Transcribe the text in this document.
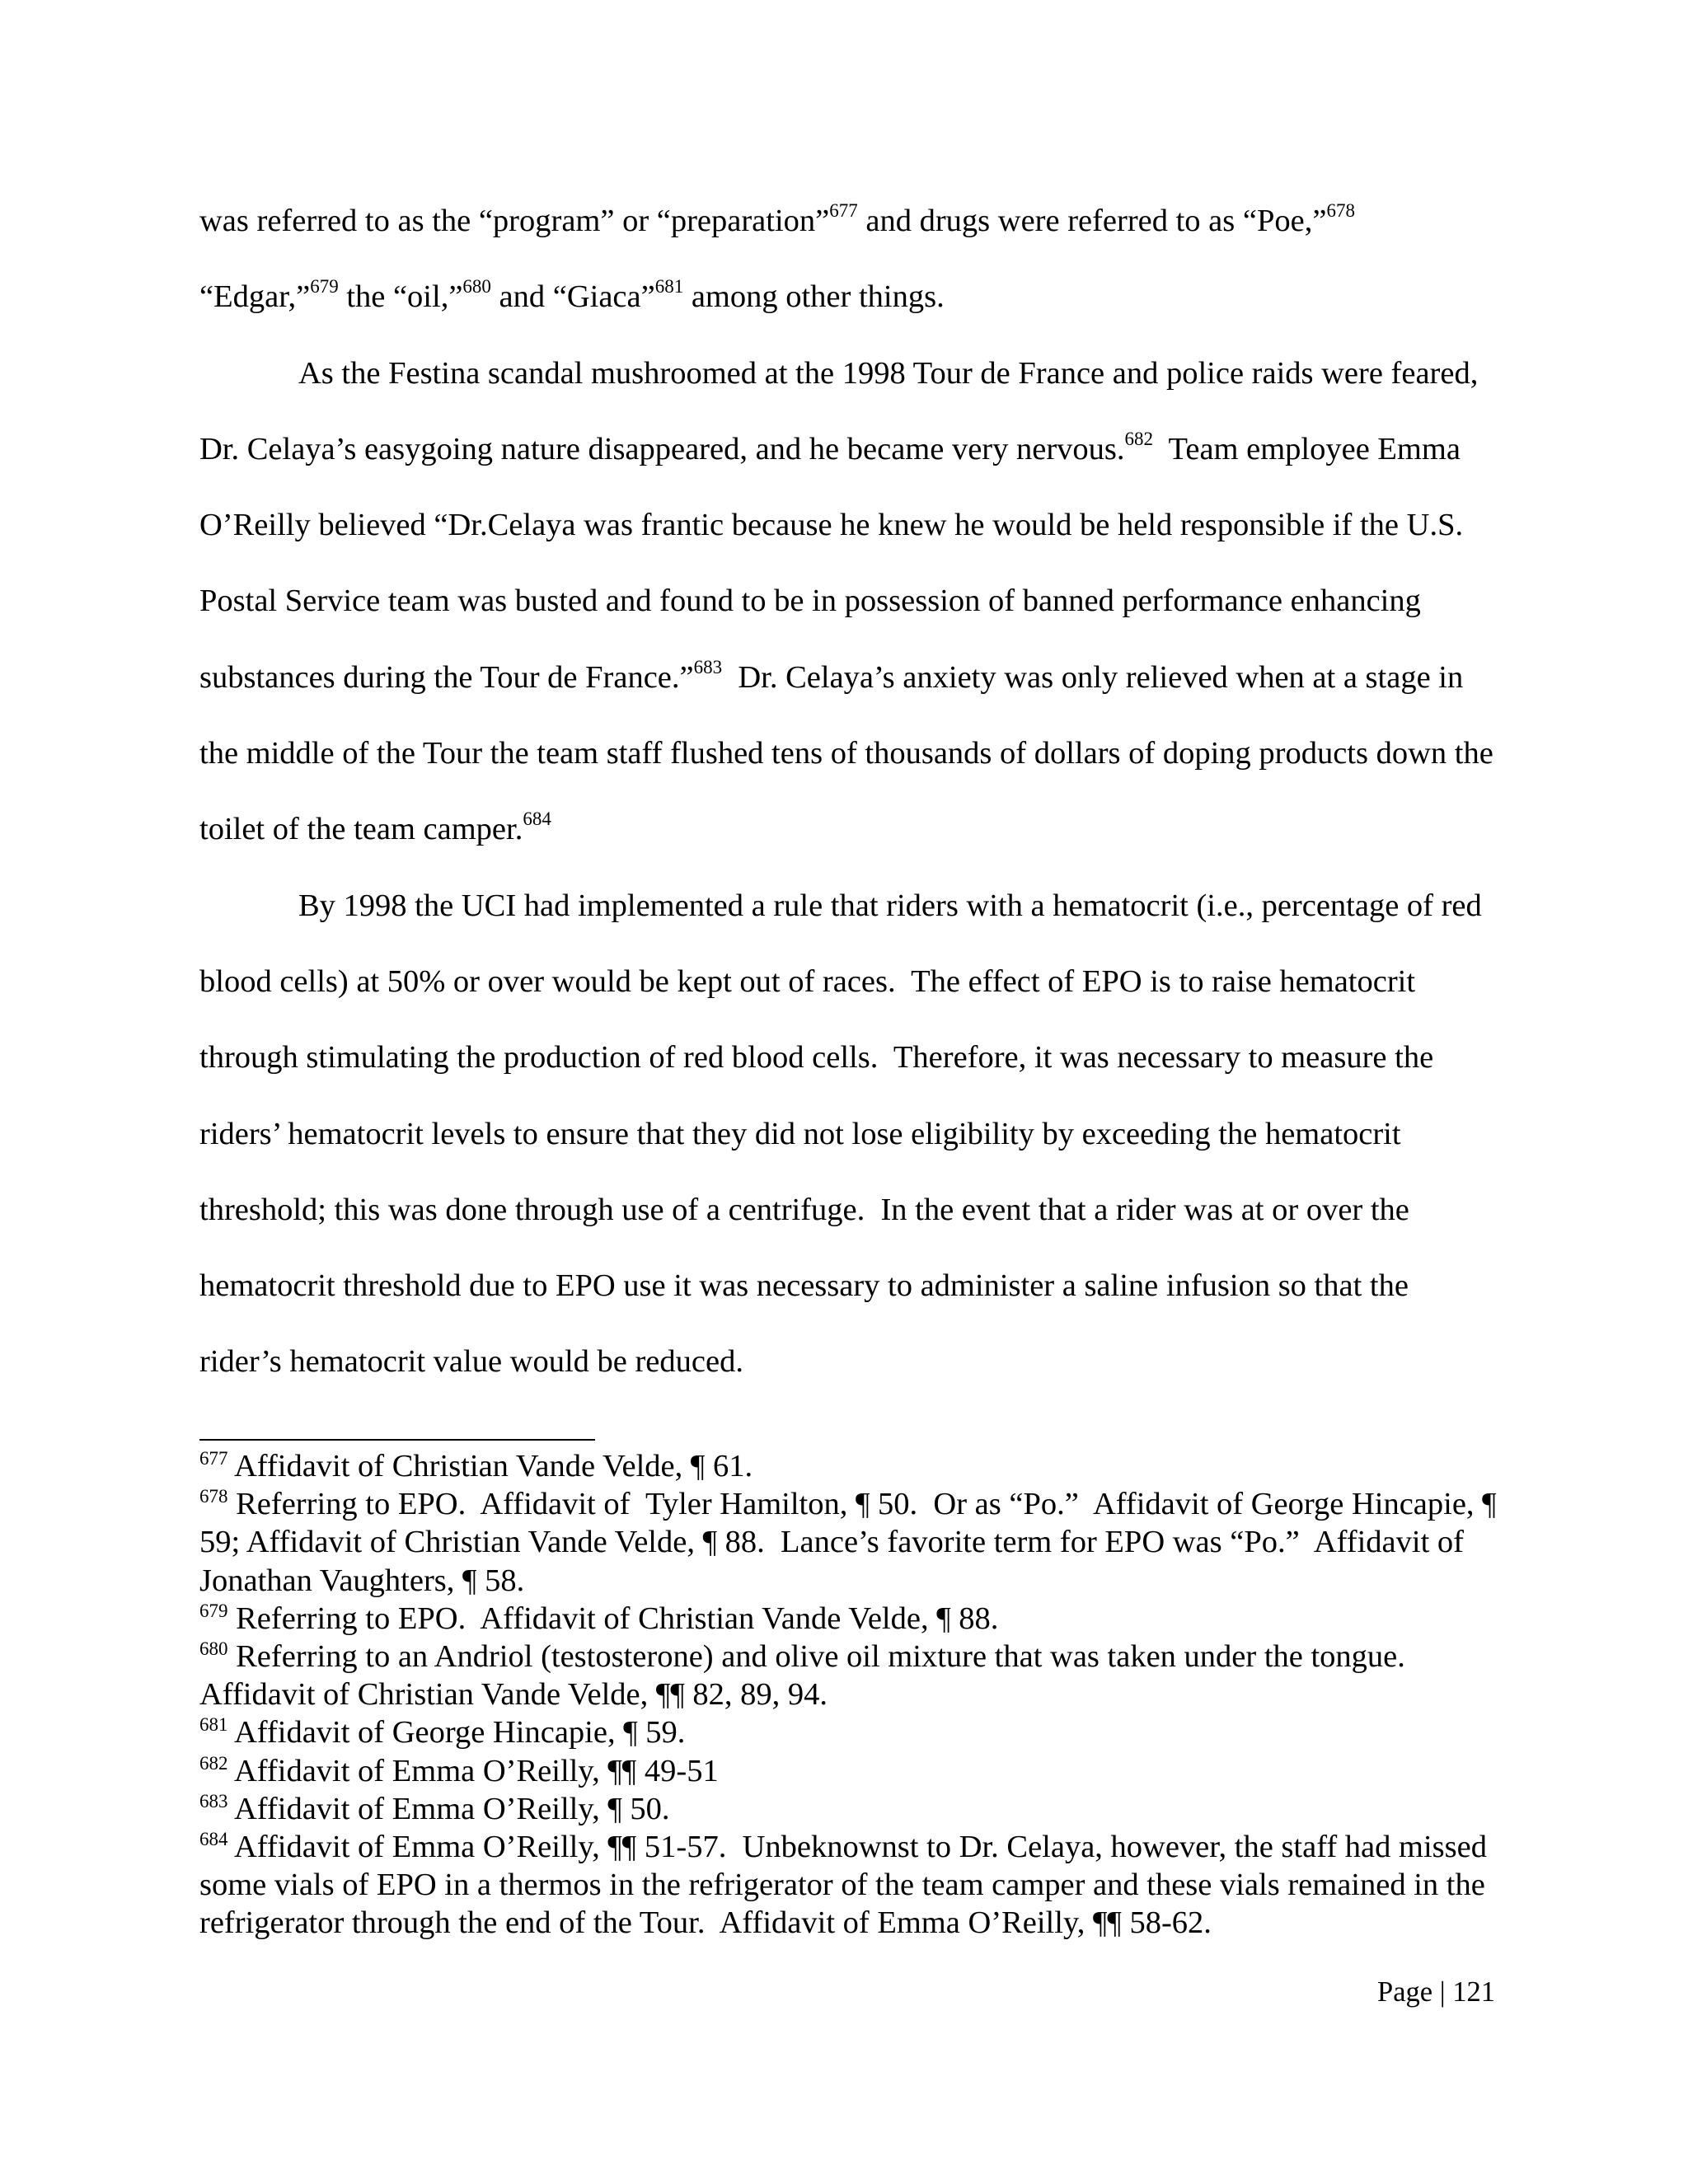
was referred to as the “program” or “preparation”$^{677}$ and drugs were referred to as “Poe,”$^{678}$ “Edgar,”$^{679}$ the “oil,”$^{680}$ and “Giaca”$^{681}$ among other things.

As the Festina scandal mushroomed at the 1998 Tour de France and police raids were feared, Dr. Celaya’s easygoing nature disappeared, and he became very nervous.$^{682}$  Team employee Emma O’Reilly believed “Dr.Celaya was frantic because he knew he would be held responsible if the U.S. Postal Service team was busted and found to be in possession of banned performance enhancing substances during the Tour de France.”$^{683}$  Dr. Celaya’s anxiety was only relieved when at a stage in the middle of the Tour the team staff flushed tens of thousands of dollars of doping products down the toilet of the team camper.$^{684}$

By 1998 the UCI had implemented a rule that riders with a hematocrit (i.e., percentage of red blood cells) at 50% or over would be kept out of races.  The effect of EPO is to raise hematocrit through stimulating the production of red blood cells.  Therefore, it was necessary to measure the riders’ hematocrit levels to ensure that they did not lose eligibility by exceeding the hematocrit threshold; this was done through use of a centrifuge.  In the event that a rider was at or over the hematocrit threshold due to EPO use it was necessary to administer a saline infusion so that the rider’s hematocrit value would be reduced.

$^{677}$ Affidavit of Christian Vande Velde, ¶ 61.

$^{678}$ Referring to EPO.  Affidavit of  Tyler Hamilton, ¶ 50.  Or as “Po.”  Affidavit of George Hincapie, ¶ 59; Affidavit of Christian Vande Velde, ¶ 88.  Lance’s favorite term for EPO was “Po.”  Affidavit of Jonathan Vaughters, ¶ 58.

$^{679}$ Referring to EPO.  Affidavit of Christian Vande Velde, ¶ 88.

$^{680}$ Referring to an Andriol (testosterone) and olive oil mixture that was taken under the tongue. Affidavit of Christian Vande Velde, ¶¶ 82, 89, 94.

$^{681}$ Affidavit of George Hincapie, ¶ 59.

$^{682}$ Affidavit of Emma O’Reilly, ¶¶ 49-51

$^{683}$ Affidavit of Emma O’Reilly, ¶ 50.

$^{684}$ Affidavit of Emma O’Reilly, ¶¶ 51-57.  Unbeknownst to Dr. Celaya, however, the staff had missed some vials of EPO in a thermos in the refrigerator of the team camper and these vials remained in the refrigerator through the end of the Tour.  Affidavit of Emma O’Reilly, ¶¶ 58-62.

Page | 121
